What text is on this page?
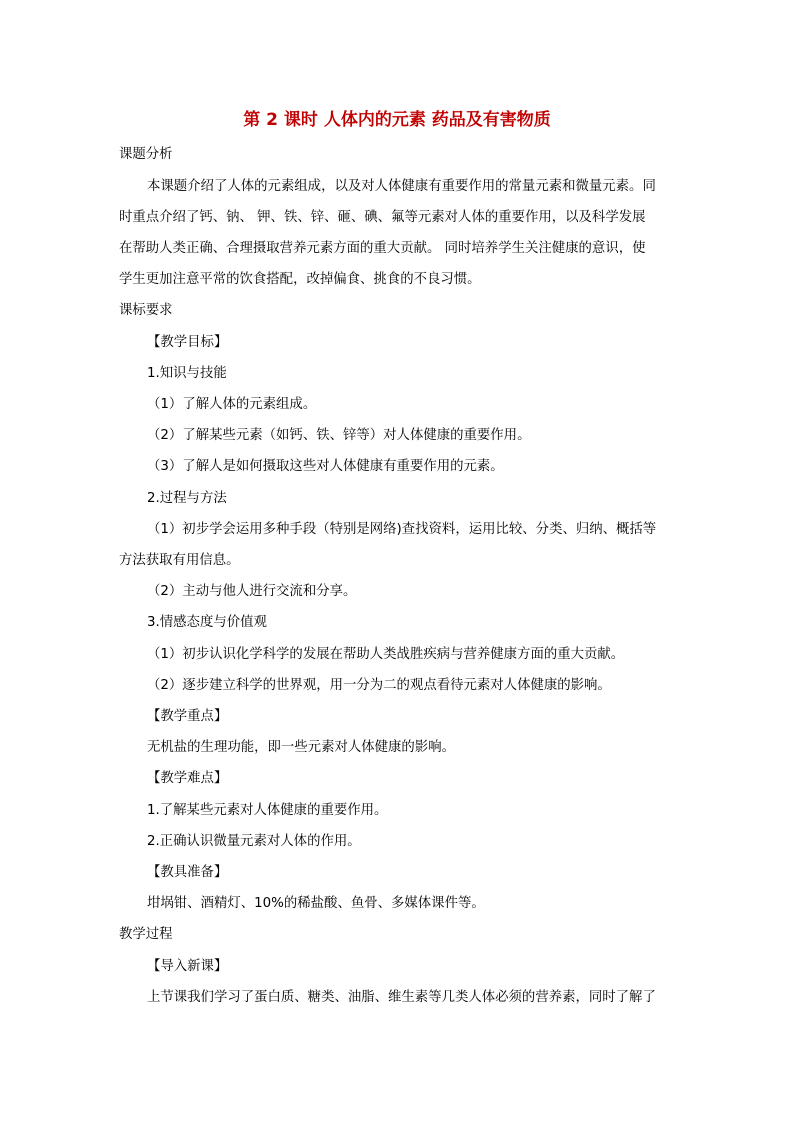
第 2 课时 人体内的元素 药品及有害物质
课题分析
本课题介绍了人体的元素组成，以及对人体健康有重要作用的常量元素和微量元素。同
时重点介绍了钙、钠、 钾、铁、锌、砸、碘、氟等元素对人体的重要作用，以及科学发展
在帮助人类正确、合理摄取营养元素方面的重大贡献。 同时培养学生关注健康的意识，使
学生更加注意平常的饮食搭配，改掉偏食、挑食的不良习惯。
课标要求
【教学目标】
1.知识与技能
（1）了解人体的元素组成。
（2）了解某些元素（如钙、铁、锌等）对人体健康的重要作用。
（3）了解人是如何摄取这些对人体健康有重要作用的元素。
2.过程与方法
（1）初步学会运用多种手段（特别是网络)查找资料，运用比较、分类、归纳、概括等
方法获取有用信息。
（2）主动与他人进行交流和分享。
3.情感态度与价值观
（1）初步认识化学科学的发展在帮助人类战胜疾病与营养健康方面的重大贡献。
（2）逐步建立科学的世界观，用一分为二的观点看待元素对人体健康的影响。
【教学重点】
无机盐的生理功能，即一些元素对人体健康的影响。
【教学难点】
1.了解某些元素对人体健康的重要作用。
2.正确认识微量元素对人体的作用。
【教具准备】
坩埚钳、酒精灯、10%的稀盐酸、鱼骨、多媒体课件等。
教学过程
【导入新课】
上节课我们学习了蛋白质、糖类、油脂、维生素等几类人体必须的营养素，同时了解了
